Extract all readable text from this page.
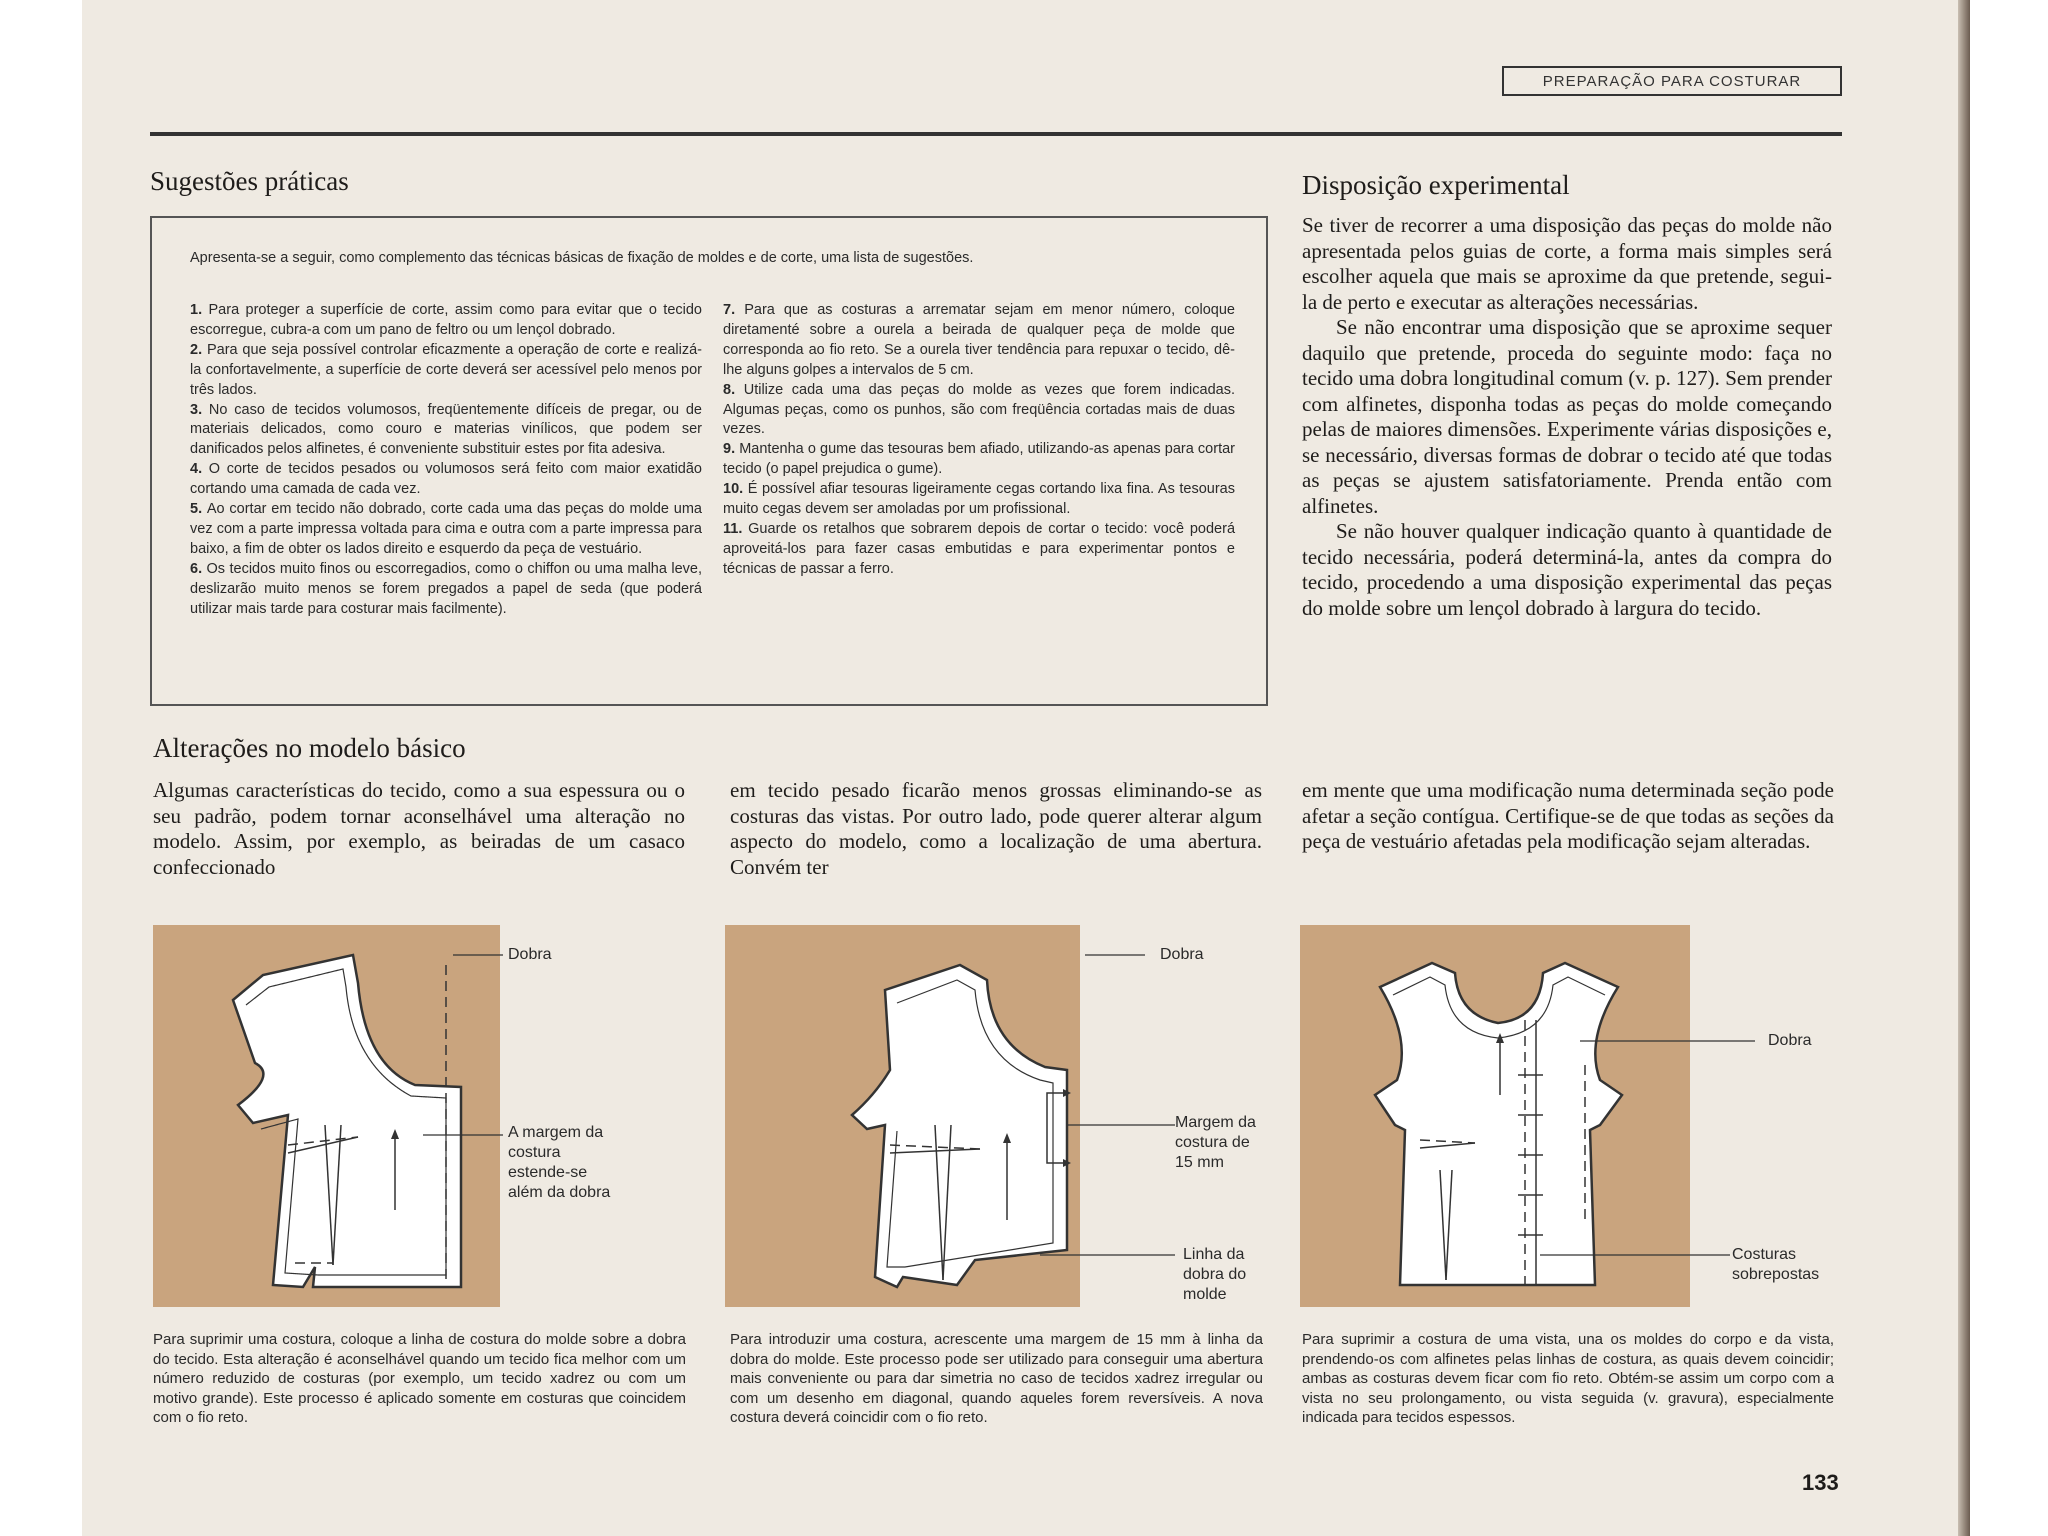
PREPARAÇÃO PARA COSTURAR
Sugestões práticas
Apresenta-se a seguir, como complemento das técnicas básicas de fixação de moldes e de corte, uma lista de sugestões.

1. Para proteger a superfície de corte, assim como para evitar que o tecido escorregue, cubra-a com um pano de feltro ou um lençol dobrado.

2. Para que seja possível controlar eficazmente a operação de corte e realizá-la confortavelmente, a superfície de corte deverá ser acessível pelo menos por três lados.

3. No caso de tecidos volumosos, freqüentemente difíceis de pregar, ou de materiais delicados, como couro e materias vinílicos, que podem ser danificados pelos alfinetes, é conveniente substituir estes por fita adesiva.

4. O corte de tecidos pesados ou volumosos será feito com maior exatidão cortando uma camada de cada vez.

5. Ao cortar em tecido não dobrado, corte cada uma das peças do molde uma vez com a parte impressa voltada para cima e outra com a parte impressa para baixo, a fim de obter os lados direito e esquerdo da peça de vestuário.

6. Os tecidos muito finos ou escorregadios, como o chiffon ou uma malha leve, deslizarão muito menos se forem pregados a papel de seda (que poderá utilizar mais tarde para costurar mais facilmente).

7. Para que as costuras a arrematar sejam em menor número, coloque diretamenté sobre a ourela a beirada de qualquer peça de molde que corresponda ao fio reto. Se a ourela tiver tendência para repuxar o tecido, dê-lhe alguns golpes a intervalos de 5 cm.

8. Utilize cada uma das peças do molde as vezes que forem indicadas. Algumas peças, como os punhos, são com freqüência cortadas mais de duas vezes.

9. Mantenha o gume das tesouras bem afiado, utilizando-as apenas para cortar tecido (o papel prejudica o gume).

10. É possível afiar tesouras ligeiramente cegas cortando lixa fina. As tesouras muito cegas devem ser amoladas por um profissional.

11. Guarde os retalhos que sobrarem depois de cortar o tecido: você poderá aproveitá-los para fazer casas embutidas e para experimentar pontos e técnicas de passar a ferro.

Disposição experimental

Se tiver de recorrer a uma disposição das peças do molde não apresentada pelos guias de corte, a forma mais simples será escolher aquela que mais se aproxime da que pretende, segui-la de perto e executar as alterações necessárias.

Se não encontrar uma disposição que se aproxime sequer daquilo que pretende, proceda do seguinte modo: faça no tecido uma dobra longitudinal comum (v. p. 127). Sem prender com alfinetes, disponha todas as peças do molde começando pelas de maiores dimensões. Experimente várias disposições e, se necessário, diversas formas de dobrar o tecido até que todas as peças se ajustem satisfatoriamente. Prenda então com alfinetes.

Se não houver qualquer indicação quanto à quantidade de tecido necessária, poderá determiná-la, antes da compra do tecido, procedendo a uma disposição experimental das peças do molde sobre um lençol dobrado à largura do tecido.

Alterações no modelo básico
Algumas características do tecido, como a sua espessura ou o seu padrão, podem tornar aconselhável uma alteração no modelo. Assim, por exemplo, as beiradas de um casaco confeccionado
em tecido pesado ficarão menos grossas eliminando-se as costuras das vistas. Por outro lado, pode querer alterar algum aspecto do modelo, como a localização de uma abertura. Convém ter
em mente que uma modificação numa determinada seção pode afetar a seção contígua. Certifique-se de que todas as seções da peça de vestuário afetadas pela modificação sejam alteradas.
Dobra
A margem da costura estende-se além da dobra
Para suprimir uma costura, coloque a linha de costura do molde sobre a dobra do tecido. Esta alteração é aconselhável quando um tecido fica melhor com um número reduzido de costuras (por exemplo, um tecido xadrez ou com um motivo grande). Este processo é aplicado somente em costuras que coincidem com o fio reto.
Dobra
Margem da costura de 15 mm
Linha da dobra do molde
Para introduzir uma costura, acrescente uma margem de 15 mm à linha da dobra do molde. Este processo pode ser utilizado para conseguir uma abertura mais conveniente ou para dar simetria no caso de tecidos xadrez irregular ou com um desenho em diagonal, quando aqueles forem reversíveis. A nova costura deverá coincidir com o fio reto.
Dobra
Costuras sobrepostas
Para suprimir a costura de uma vista, una os moldes do corpo e da vista, prendendo-os com alfinetes pelas linhas de costura, as quais devem coincidir; ambas as costuras devem ficar com fio reto. Obtém-se assim um corpo com a vista no seu prolongamento, ou vista seguida (v. gravura), especialmente indicada para tecidos espessos.
133
